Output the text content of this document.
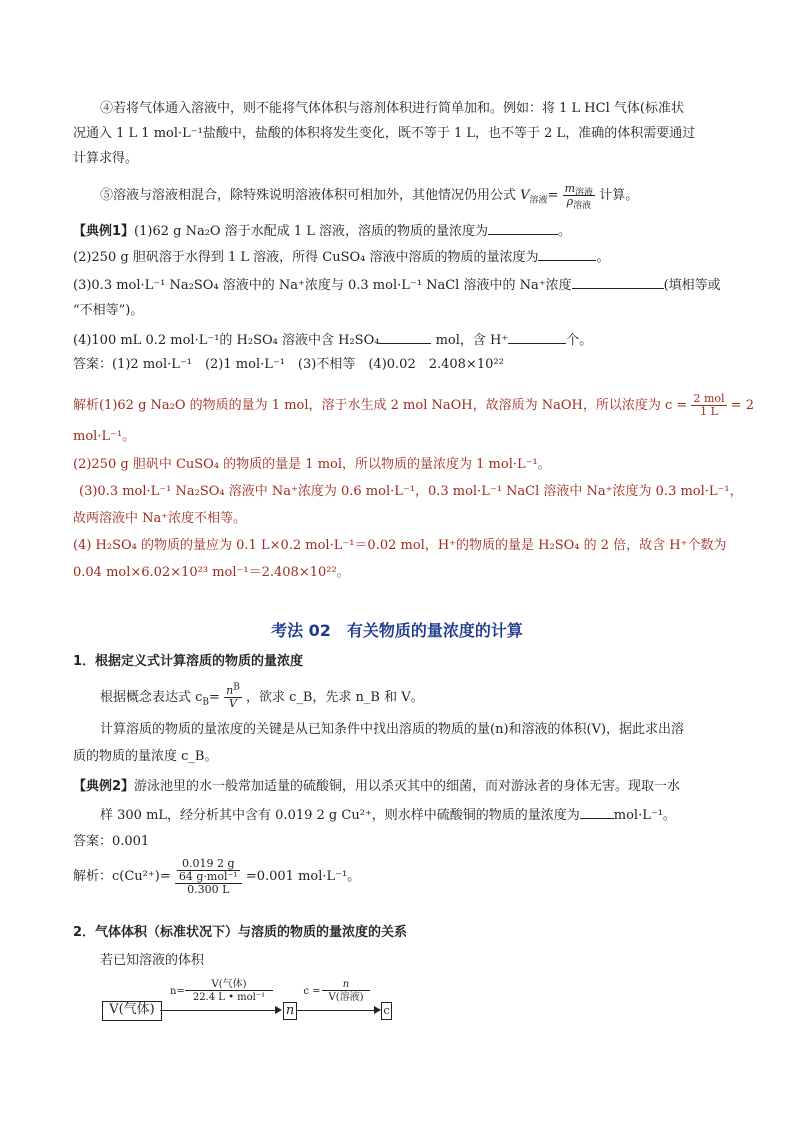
④若将气体通入溶液中，则不能将气体体积与溶剂体积进行简单加和。例如：将 1 L HCl 气体(标准状
况通入 1 L 1 mol·L⁻¹盐酸中，盐酸的体积将发生变化，既不等于 1 L，也不等于 2 L，准确的体积需要通过
计算求得。
⑤溶液与溶液相混合，除特殊说明溶液体积可相加外，其他情况仍用公式 $V_{溶液}= \frac{m_{溶液}}{\rho_{溶液}}$ 计算。
【典例1】(1)62 g Na₂O 溶于水配成 1 L 溶液，溶质的物质的量浓度为	。
(2)250 g 胆矾溶于水得到 1 L 溶液，所得 CuSO₄ 溶液中溶质的物质的量浓度为	。
(3)0.3 mol·L⁻¹ Na₂SO₄ 溶液中的 Na⁺浓度与 0.3 mol·L⁻¹ NaCl 溶液中的 Na⁺浓度	(填相等或
“不相等”)。
(4)100 mL 0.2 mol·L⁻¹的 H₂SO₄ 溶液中含 H₂SO₄	mol，含 H⁺	个。
答案：(1)2 mol·L⁻¹　(2)1 mol·L⁻¹　(3)不相等　(4)0.02　2.408×10²²
解析(1)62 g Na₂O 的物质的量为 1 mol，溶于水生成 2 mol NaOH，故溶质为 NaOH，所以浓度为 $c = \frac{\text{2 mol}}{1 L} = 2$
mol·L⁻¹。
(2)250 g 胆矾中 CuSO₄ 的物质的量是 1 mol，所以物质的量浓度为 1 mol·L⁻¹。
(3)0.3 mol·L⁻¹ Na₂SO₄ 溶液中 Na⁺浓度为 0.6 mol·L⁻¹，0.3 mol·L⁻¹ NaCl 溶液中 Na⁺浓度为 0.3 mol·L⁻¹，
故两溶液中 Na⁺浓度不相等。
(4) H₂SO₄ 的物质的量应为 0.1 L×0.2 mol·L⁻¹＝0.02 mol，H⁺的物质的量是 H₂SO₄ 的 2 倍，故含 H⁺个数为
0.04 mol×6.02×10²³ mol⁻¹＝2.408×10²²。
考法 02　有关物质的量浓度的计算
1．根据定义式计算溶质的物质的量浓度
根据概念表达式 $c_B= \frac{n^B}{V}$ ，欲求 c_B，先求 n_B 和 V。
计算溶质的物质的量浓度的关键是从已知条件中找出溶质的物质的量(n)和溶液的体积(V)，据此求出溶
质的物质的量浓度 c_B。
【典例2】游泳池里的水一般常加适量的硫酸铜，用以杀灭其中的细菌，而对游泳者的身体无害。现取一水
样 300 mL，经分析其中含有 0.019 2 g Cu²⁺，则水样中硫酸铜的物质的量浓度为	mol·L⁻¹。
答案：0.001
解析：$c(Cu^{2+})= \frac{\frac{0.019 2 g}{\text{64 g·mol⁻¹}}}{0.300 L} =0.001$ mol·L⁻¹。
2．气体体积（标准状况下）与溶质的物质的量浓度的关系
若已知溶液的体积
V(气体)
n=
V(气体)
22.4 L • mol⁻¹
n
c =
n
V(溶液)
c
